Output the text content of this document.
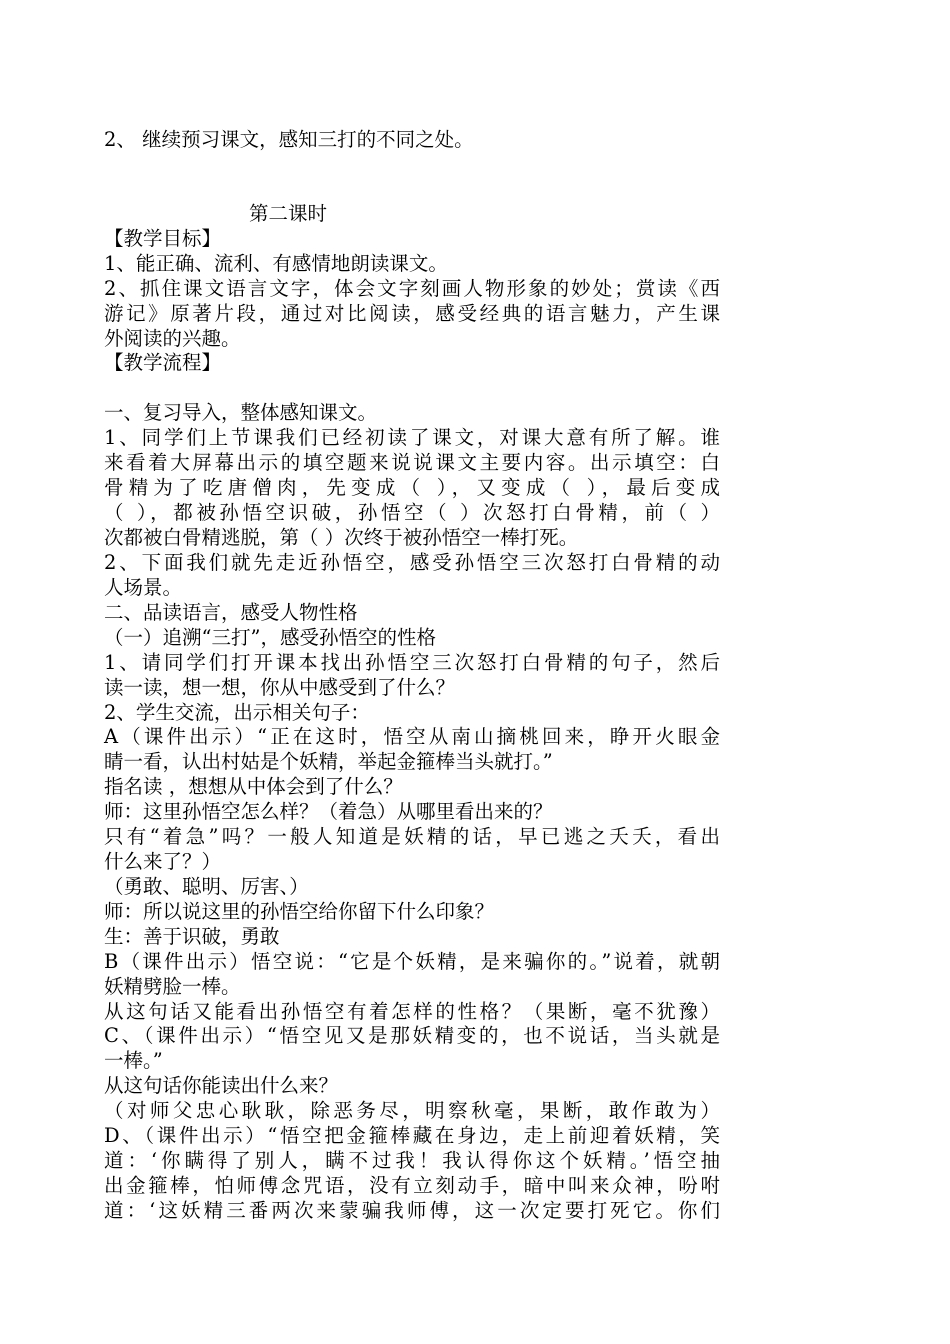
2、 继续预习课文，感知三打的不同之处。
第二课时
【教学目标】
1、能正确、流利、有感情地朗读课文。
2、抓住课文语言文字，体会文字刻画人物形象的妙处；赏读《西
游记》原著片段，通过对比阅读，感受经典的语言魅力，产生课
外阅读的兴趣。
【教学流程】
一、复习导入，整体感知课文。
1、同学们上节课我们已经初读了课文，对课大意有所了解。谁
来看着大屏幕出示的填空题来说说课文主要内容。出示填空：白
骨精为了吃唐僧肉，先变成（ ），又变成（ ），最后变成
（ ），都被孙悟空识破，孙悟空（ ）次怒打白骨精，前（ ）
次都被白骨精逃脱，第（ ）次终于被孙悟空一棒打死。
2、下面我们就先走近孙悟空，感受孙悟空三次怒打白骨精的动
人场景。
二、品读语言，感受人物性格
（一）追溯“三打”，感受孙悟空的性格
1、请同学们打开课本找出孙悟空三次怒打白骨精的句子，然后
读一读，想一想，你从中感受到了什么？
2、学生交流，出示相关句子：
A（课件出示）“正在这时，悟空从南山摘桃回来，睁开火眼金
睛一看，认出村姑是个妖精，举起金箍棒当头就打。”
指名读 ，想想从中体会到了什么？
师：这里孙悟空怎么样？（着急）从哪里看出来的？
只有“着急”吗？一般人知道是妖精的话，早已逃之夭夭，看出
什么来了？）
（勇敢、聪明、厉害、）
师：所以说这里的孙悟空给你留下什么印象？
生：善于识破，勇敢
B（课件出示）悟空说：“它是个妖精，是来骗你的。”说着，就朝
妖精劈脸一棒。
从这句话又能看出孙悟空有着怎样的性格？（果断，毫不犹豫）
C、（课件出示）“悟空见又是那妖精变的，也不说话，当头就是
一棒。”
从这句话你能读出什么来？
（对师父忠心耿耿，除恶务尽，明察秋毫，果断，敢作敢为）
D、（课件出示）“悟空把金箍棒藏在身边，走上前迎着妖精，笑
道：‘你瞒得了别人，瞒不过我！我认得你这个妖精。’悟空抽
出金箍棒，怕师傅念咒语，没有立刻动手，暗中叫来众神，吩咐
道：‘这妖精三番两次来蒙骗我师傅，这一次定要打死它。你们
